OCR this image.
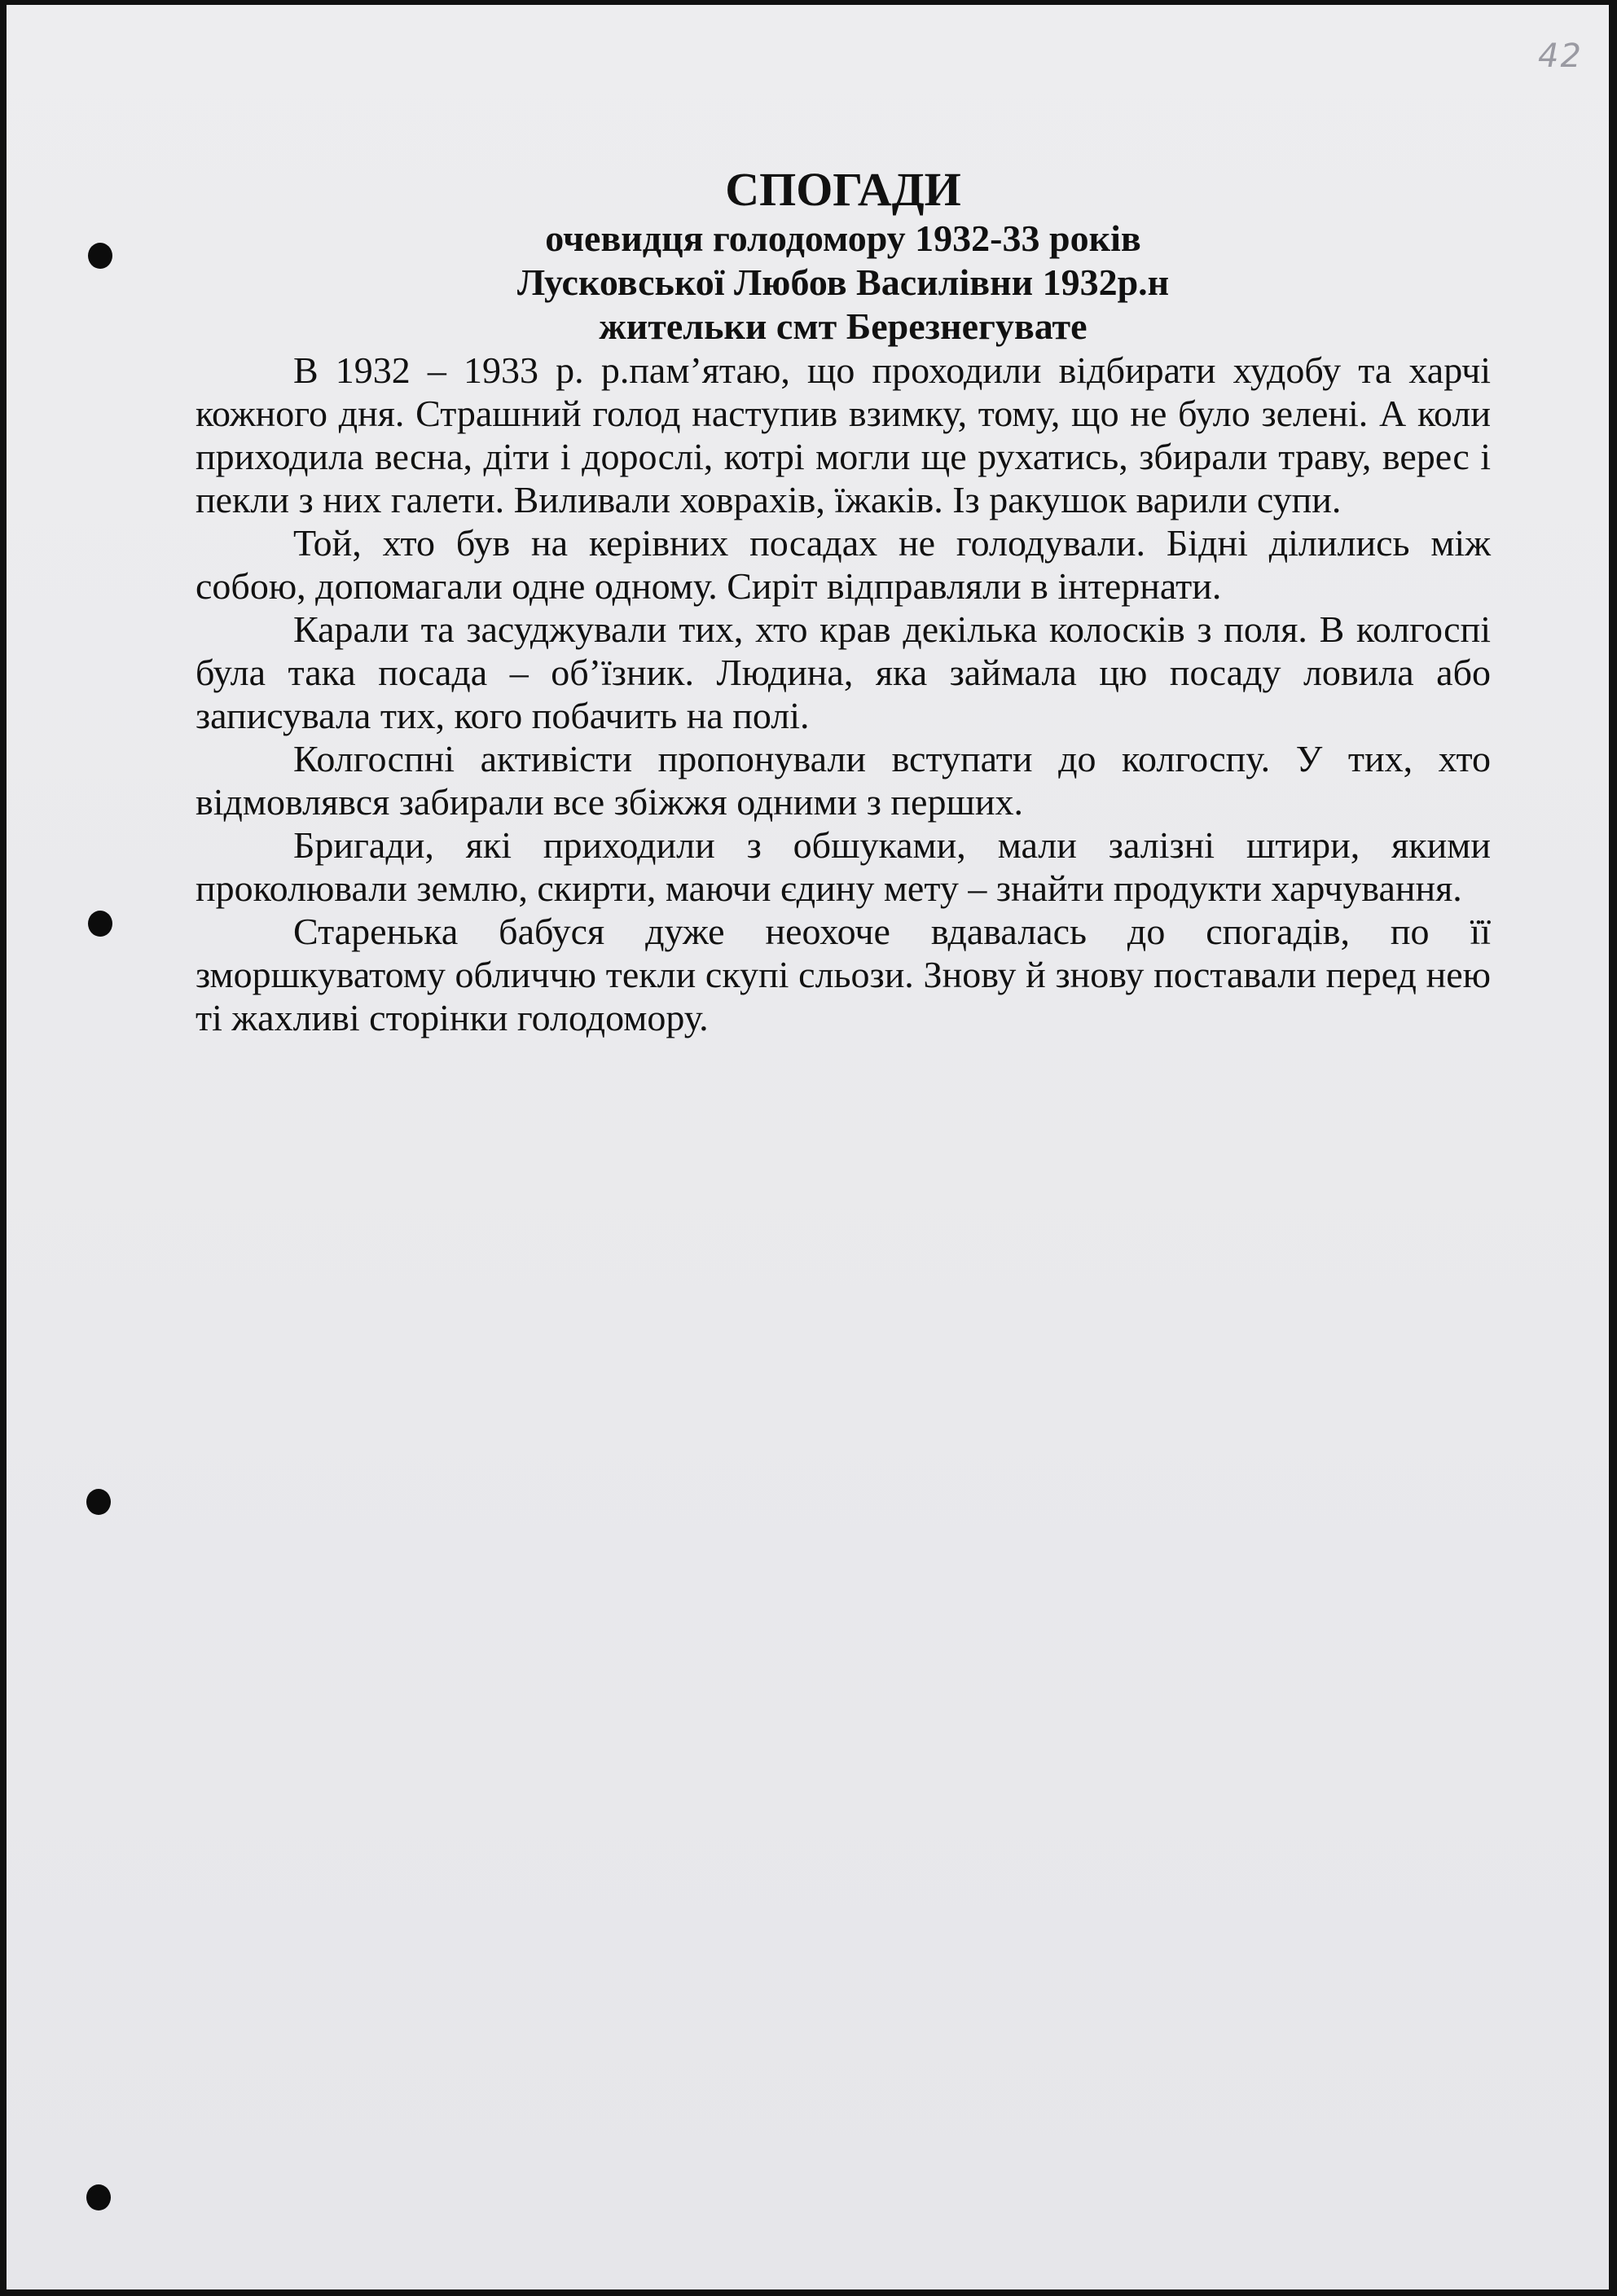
42
СПОГАДИ

очевидця голодомору 1932-33 років

Лусковської Любов Василівни 1932р.н

жительки смт Березнегувате

В 1932 – 1933 р. р.пам’ятаю, що проходили відбирати худобу та харчі кожного дня. Страшний голод наступив взимку, тому, що не було зелені. А коли приходила весна, діти і дорослі, котрі могли ще рухатись, збирали траву, верес і пекли з них галети. Виливали ховрахів, їжаків. Із ракушок варили супи.

Той, хто був на керівних посадах не голодували. Бідні ділились між собою, допомагали одне одному. Сиріт відправляли в інтернати.

Карали та засуджували тих, хто крав декілька колосків з поля. В колгоспі була така посада – об’їзник. Людина, яка займала цю посаду ловила або записувала тих, кого побачить на полі.

Колгоспні активісти пропонували вступати до колгоспу. У тих, хто відмовлявся забирали все збіжжя одними з перших.

Бригади, які приходили з обшуками, мали залізні штири, якими проколювали землю, скирти, маючи єдину мету – знайти продукти харчування.

Старенька бабуся дуже неохоче вдавалась до спогадів, по її зморшкуватому обличчю текли скупі сльози. Знову й знову поставали перед нею ті жахливі сторінки голодомору.
